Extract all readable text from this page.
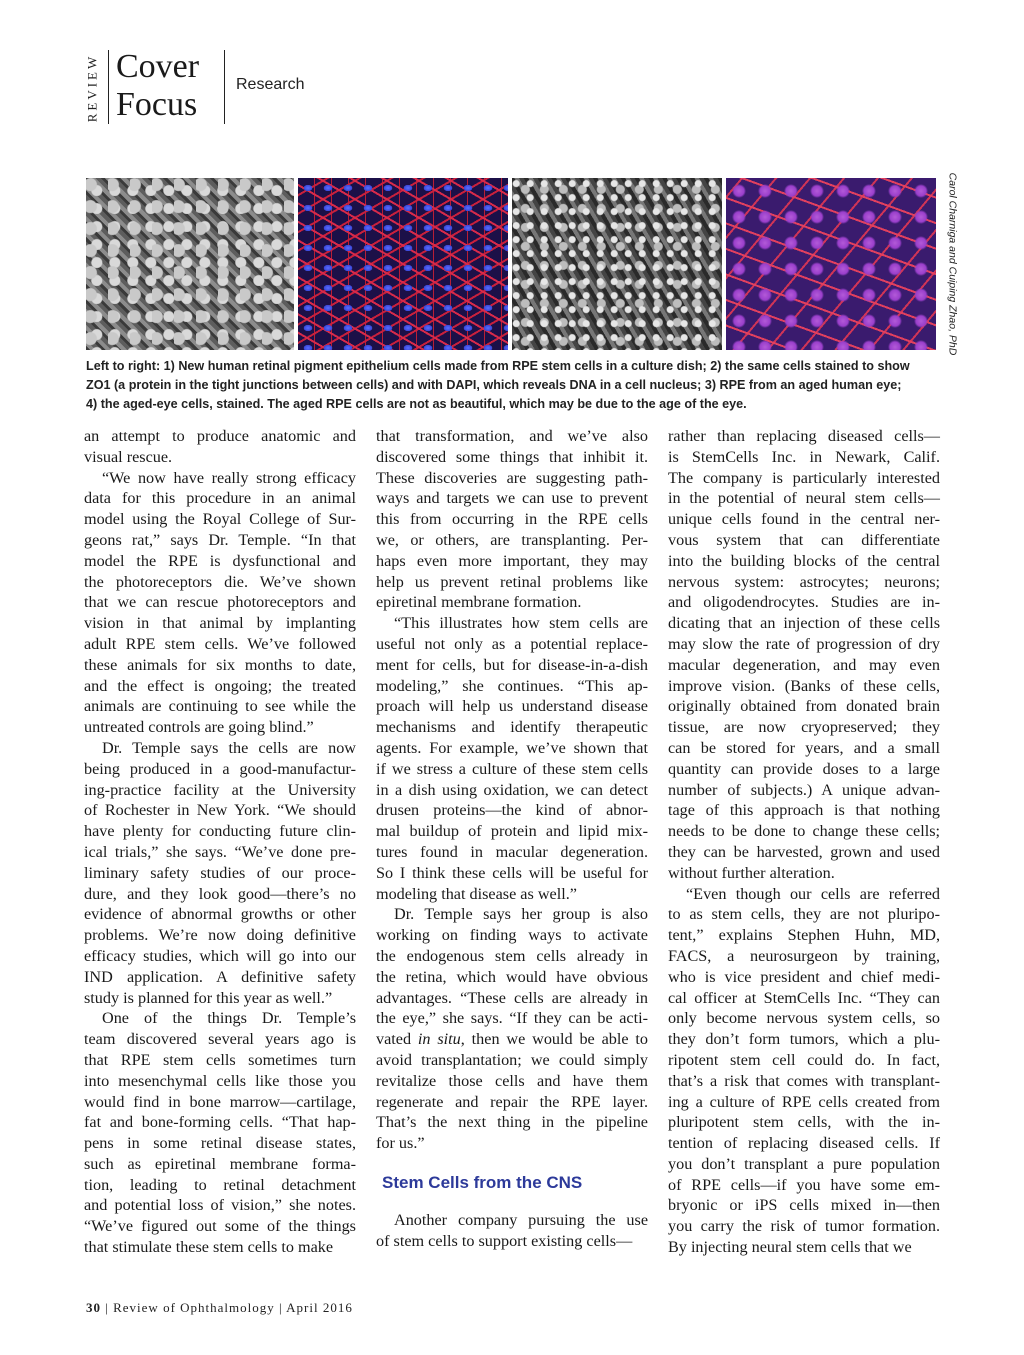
REVIEW Cover
Focus
Research
Carol Charniga and Cuiping Zhao, PhD
Left to right: 1) New human retinal pigment epithelium cells made from RPE stem cells in a culture dish; 2) the same cells stained to show
ZO1 (a protein in the tight junctions between cells) and with DAPI, which reveals DNA in a cell nucleus; 3) RPE from an aged human eye;
4) the aged-eye cells, stained. The aged RPE cells are not as beautiful, which may be due to the age of the eye.
an attempt to produce anatomic and
visual rescue.
“We now have really strong efficacy
data for this procedure in an animal
model using the Royal College of Sur-
geons rat,” says Dr. Temple. “In that
model the RPE is dysfunctional and
the photoreceptors die. We’ve shown
that we can rescue photoreceptors and
vision in that animal by implanting
adult RPE stem cells. We’ve followed
these animals for six months to date,
and the effect is ongoing; the treated
animals are continuing to see while the
untreated controls are going blind.”
Dr. Temple says the cells are now
being produced in a good-manufactur-
ing-practice facility at the University
of Rochester in New York. “We should
have plenty for conducting future clin-
ical trials,” she says. “We’ve done pre-
liminary safety studies of our proce-
dure, and they look good—there’s no
evidence of abnormal growths or other
problems. We’re now doing definitive
efficacy studies, which will go into our
IND application. A definitive safety
study is planned for this year as well.”
One of the things Dr. Temple’s
team discovered several years ago is
that RPE stem cells sometimes turn
into mesenchymal cells like those you
would find in bone marrow—cartilage,
fat and bone-forming cells. “That hap-
pens in some retinal disease states,
such as epiretinal membrane forma-
tion, leading to retinal detachment
and potential loss of vision,” she notes.
“We’ve figured out some of the things
that stimulate these stem cells to make
that transformation, and we’ve also
discovered some things that inhibit it.
These discoveries are suggesting path-
ways and targets we can use to prevent
this from occurring in the RPE cells
we, or others, are transplanting. Per-
haps even more important, they may
help us prevent retinal problems like
epiretinal membrane formation.
“This illustrates how stem cells are
useful not only as a potential replace-
ment for cells, but for disease-in-a-dish
modeling,” she continues. “This ap-
proach will help us understand disease
mechanisms and identify therapeutic
agents. For example, we’ve shown that
if we stress a culture of these stem cells
in a dish using oxidation, we can detect
drusen proteins—the kind of abnor-
mal buildup of protein and lipid mix-
tures found in macular degeneration.
So I think these cells will be useful for
modeling that disease as well.”
Dr. Temple says her group is also
working on finding ways to activate
the endogenous stem cells already in
the retina, which would have obvious
advantages. “These cells are already in
the eye,” she says. “If they can be acti-
vated in situ, then we would be able to
avoid transplantation; we could simply
revitalize those cells and have them
regenerate and repair the RPE layer.
That’s the next thing in the pipeline
for us.”
Stem Cells from the CNS
Another company pursuing the use
of stem cells to support existing cells—
rather than replacing diseased cells—
is StemCells Inc. in Newark, Calif.
The company is particularly interested
in the potential of neural stem cells—
unique cells found in the central ner-
vous system that can differentiate
into the building blocks of the central
nervous system: astrocytes; neurons;
and oligodendrocytes. Studies are in-
dicating that an injection of these cells
may slow the rate of progression of dry
macular degeneration, and may even
improve vision. (Banks of these cells,
originally obtained from donated brain
tissue, are now cryopreserved; they
can be stored for years, and a small
quantity can provide doses to a large
number of subjects.) A unique advan-
tage of this approach is that nothing
needs to be done to change these cells;
they can be harvested, grown and used
without further alteration.
“Even though our cells are referred
to as stem cells, they are not pluripo-
tent,” explains Stephen Huhn, MD,
FACS, a neurosurgeon by training,
who is vice president and chief medi-
cal officer at StemCells Inc. “They can
only become nervous system cells, so
they don’t form tumors, which a plu-
ripotent stem cell could do. In fact,
that’s a risk that comes with transplant-
ing a culture of RPE cells created from
pluripotent stem cells, with the in-
tention of replacing diseased cells. If
you don’t transplant a pure population
of RPE cells—if you have some em-
bryonic or iPS cells mixed in—then
you carry the risk of tumor formation.
By injecting neural stem cells that we
30 | Review of Ophthalmology | April 2016
